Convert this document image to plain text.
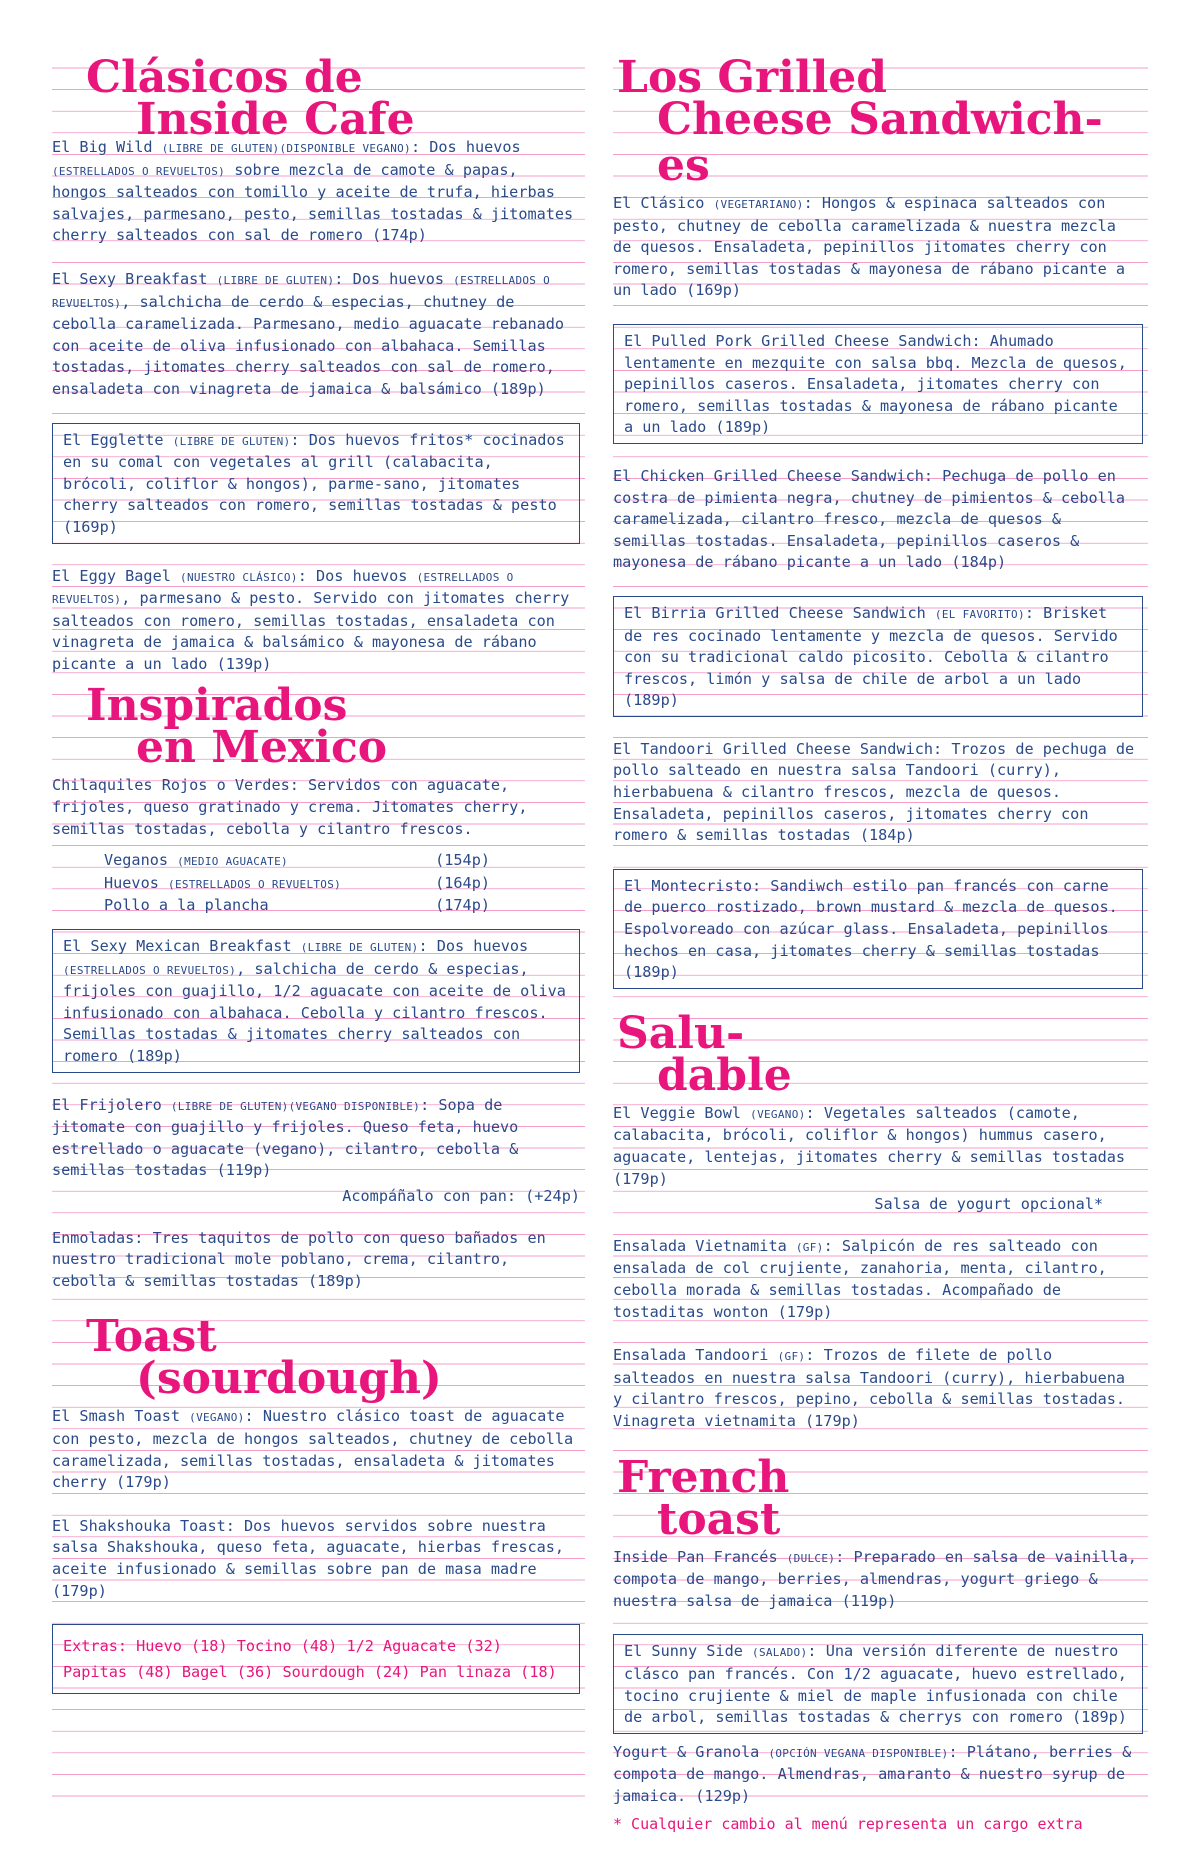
Clásicos de
Inside Cafe

El Big Wild (LIBRE DE GLUTEN)(DISPONIBLE VEGANO): Dos huevos (ESTRELLADOS O REVUELTOS) sobre mezcla de camote & papas, hongos salteados con tomillo y aceite de trufa, hierbas salvajes, parmesano, pesto, semillas tostadas & jitomates cherry salteados con sal de romero (174p)

El Sexy Breakfast (LIBRE DE GLUTEN): Dos huevos (ESTRELLADOS O REVUELTOS), salchicha de cerdo & especias, chutney de cebolla caramelizada. Parmesano, medio aguacate rebanado con aceite de oliva infusionado con albahaca. Semillas tostadas, jitomates cherry salteados con sal de romero, ensaladeta con vinagreta de jamaica & balsámico (189p)

El Egglette (LIBRE DE GLUTEN): Dos huevos fritos* cocinados en su comal con vegetales al grill (calabacita, brócoli, coliflor & hongos), parme-sano, jitomates cherry salteados con romero, semillas tostadas & pesto (169p)

El Eggy Bagel (NUESTRO CLÁSICO): Dos huevos (ESTRELLADOS O REVUELTOS), parmesano & pesto. Servido con jitomates cherry salteados con romero, semillas tostadas, ensaladeta con vinagreta de jamaica & balsámico & mayonesa de rábano picante a un lado (139p)

Inspirados
en Mexico

Chilaquiles Rojos o Verdes: Servidos con aguacate, frijoles, queso gratinado y crema. Jitomates cherry, semillas tostadas, cebolla y cilantro frescos.

Veganos (MEDIO AGUACATE)	(154p)
Huevos (ESTRELLADOS O REVUELTOS)	(164p)
Pollo a la plancha	(174p)

El Sexy Mexican Breakfast (LIBRE DE GLUTEN): Dos huevos (ESTRELLADOS O REVUELTOS), salchicha de cerdo & especias, frijoles con guajillo, 1/2 aguacate con aceite de oliva infusionado con albahaca. Cebolla y cilantro frescos. Semillas tostadas & jitomates cherry salteados con romero (189p)

El Frijolero (LIBRE DE GLUTEN)(VEGANO DISPONIBLE): Sopa de jitomate con guajillo y frijoles. Queso feta, huevo estrellado o aguacate (vegano), cilantro, cebolla & semillas tostadas (119p)

Acompáñalo con pan: (+24p)

Enmoladas: Tres taquitos de pollo con queso bañados en nuestro tradicional mole poblano, crema, cilantro, cebolla & semillas tostadas (189p)

Toast
(sourdough)

El Smash Toast (VEGANO): Nuestro clásico toast de aguacate con pesto, mezcla de hongos salteados, chutney de cebolla caramelizada, semillas tostadas, ensaladeta & jitomates cherry (179p)

El Shakshouka Toast: Dos huevos servidos sobre nuestra salsa Shakshouka, queso feta, aguacate, hierbas frescas, aceite infusionado & semillas sobre pan de masa madre (179p)

Extras: Huevo (18) Tocino (48) 1/2 Aguacate (32)
Papitas (48) Bagel (36) Sourdough (24) Pan linaza (18)
Los Grilled
Cheese Sandwich-es

El Clásico (VEGETARIANO): Hongos & espinaca salteados con pesto, chutney de cebolla caramelizada & nuestra mezcla de quesos. Ensaladeta, pepinillos jitomates cherry con romero, semillas tostadas & mayonesa de rábano picante a un lado (169p)

El Pulled Pork Grilled Cheese Sandwich: Ahumado lentamente en mezquite con salsa bbq. Mezcla de quesos, pepinillos caseros. Ensaladeta, jitomates cherry con romero, semillas tostadas & mayonesa de rábano picante a un lado (189p)

El Chicken Grilled Cheese Sandwich: Pechuga de pollo en costra de pimienta negra, chutney de pimientos & cebolla caramelizada, cilantro fresco, mezcla de quesos & semillas tostadas. Ensaladeta, pepinillos caseros & mayonesa de rábano picante a un lado (184p)

El Birria Grilled Cheese Sandwich (EL FAVORITO): Brisket de res cocinado lentamente y mezcla de quesos. Servido con su tradicional caldo picosito. Cebolla & cilantro frescos, limón y salsa de chile de arbol a un lado (189p)

El Tandoori Grilled Cheese Sandwich: Trozos de pechuga de pollo salteado en nuestra salsa Tandoori (curry), hierbabuena & cilantro frescos, mezcla de quesos. Ensaladeta, pepinillos caseros, jitomates cherry con romero & semillas tostadas (184p)

El Montecristo: Sandiwch estilo pan francés con carne de puerco rostizado, brown mustard & mezcla de quesos. Espolvoreado con azúcar glass. Ensaladeta, pepinillos hechos en casa, jitomates cherry & semillas tostadas (189p)

Salu-
dable

El Veggie Bowl (VEGANO): Vegetales salteados (camote, calabacita, brócoli, coliflor & hongos) hummus casero, aguacate, lentejas, jitomates cherry & semillas tostadas (179p)

Salsa de yogurt opcional*

Ensalada Vietnamita (GF): Salpicón de res salteado con ensalada de col crujiente, zanahoria, menta, cilantro, cebolla morada & semillas tostadas. Acompañado de tostaditas wonton (179p)

Ensalada Tandoori (GF): Trozos de filete de pollo salteados en nuestra salsa Tandoori (curry), hierbabuena y cilantro frescos, pepino, cebolla & semillas tostadas. Vinagreta vietnamita (179p)

French
toast

Inside Pan Francés (DULCE): Preparado en salsa de vainilla, compota de mango, berries, almendras, yogurt griego & nuestra salsa de jamaica (119p)

El Sunny Side (SALADO): Una versión diferente de nuestro clásco pan francés. Con 1/2 aguacate, huevo estrellado, tocino crujiente & miel de maple infusionada con chile de arbol, semillas tostadas & cherrys con romero (189p)

Yogurt & Granola (OPCIÓN VEGANA DISPONIBLE): Plátano, berries & compota de mango. Almendras, amaranto & nuestro syrup de jamaica. (129p)

* Cualquier cambio al menú representa un cargo extra
